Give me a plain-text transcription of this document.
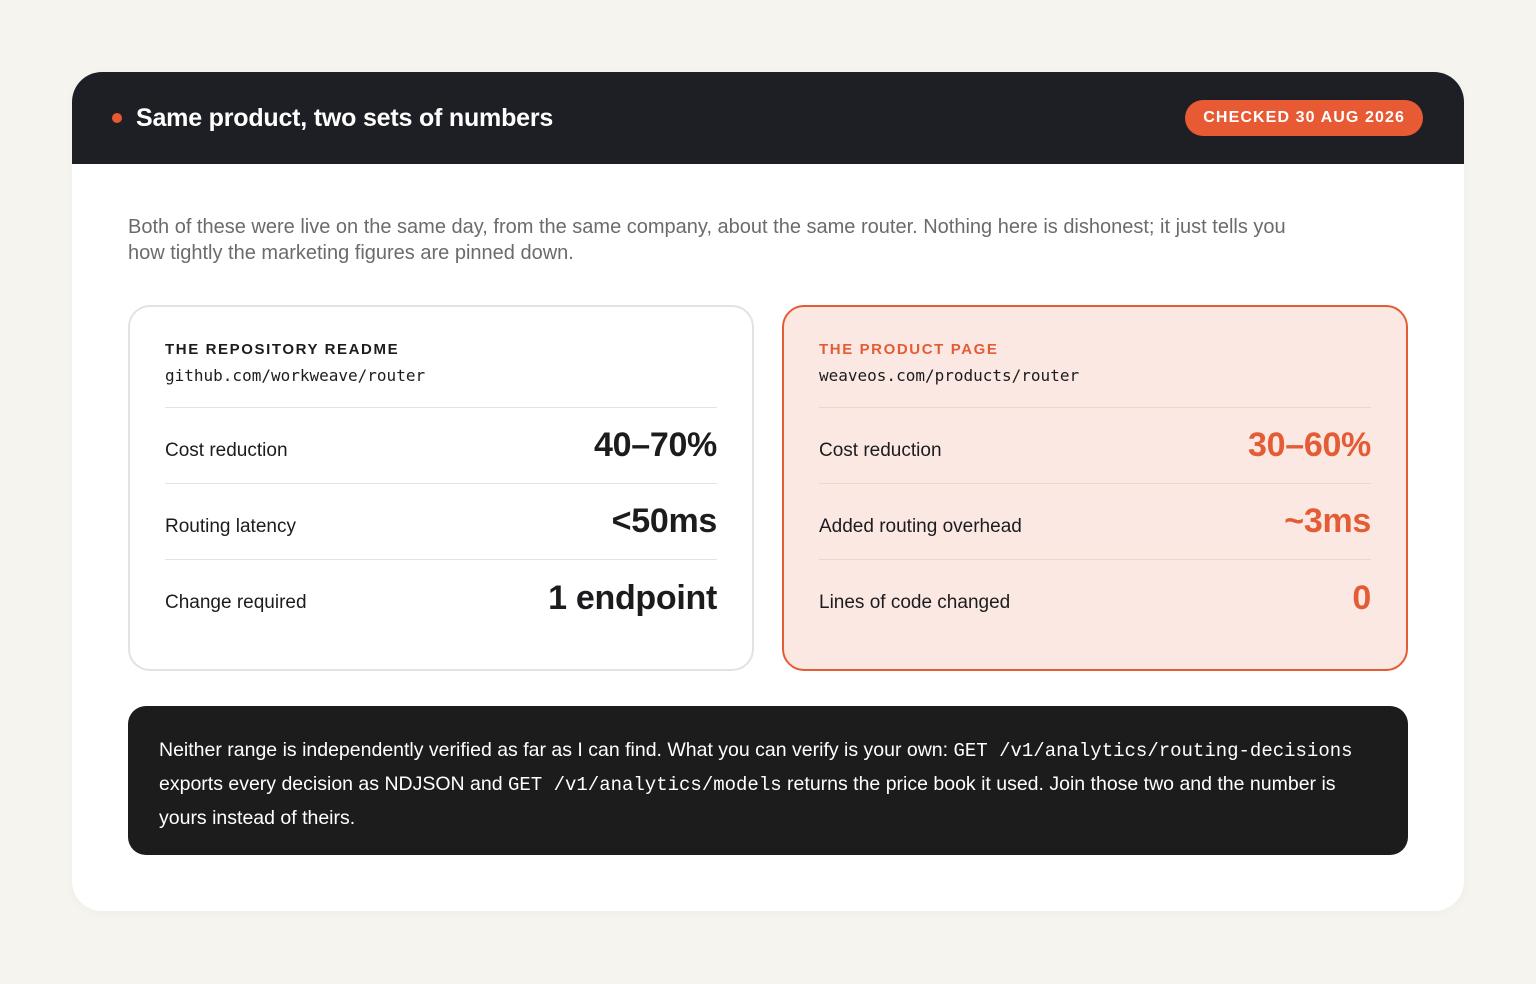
Same product, two sets of numbers	CHECKED 30 AUG 2026

Both of these were live on the same day, from the same company, about the same router. Nothing here is dishonest; it just tells you how tightly the marketing figures are pinned down.

THE REPOSITORY README
github.com/workweave/router
Cost reduction	40–70%
Routing latency	<50ms
Change required	1 endpoint
THE PRODUCT PAGE
weaveos.com/products/router
Cost reduction	30–60%
Added routing overhead	~3ms
Lines of code changed	0
Neither range is independently verified as far as I can find. What you can verify is your own: GET /v1/analytics/routing-decisions exports every decision as NDJSON and GET /v1/analytics/models returns the price book it used. Join those two and the number is yours instead of theirs.
